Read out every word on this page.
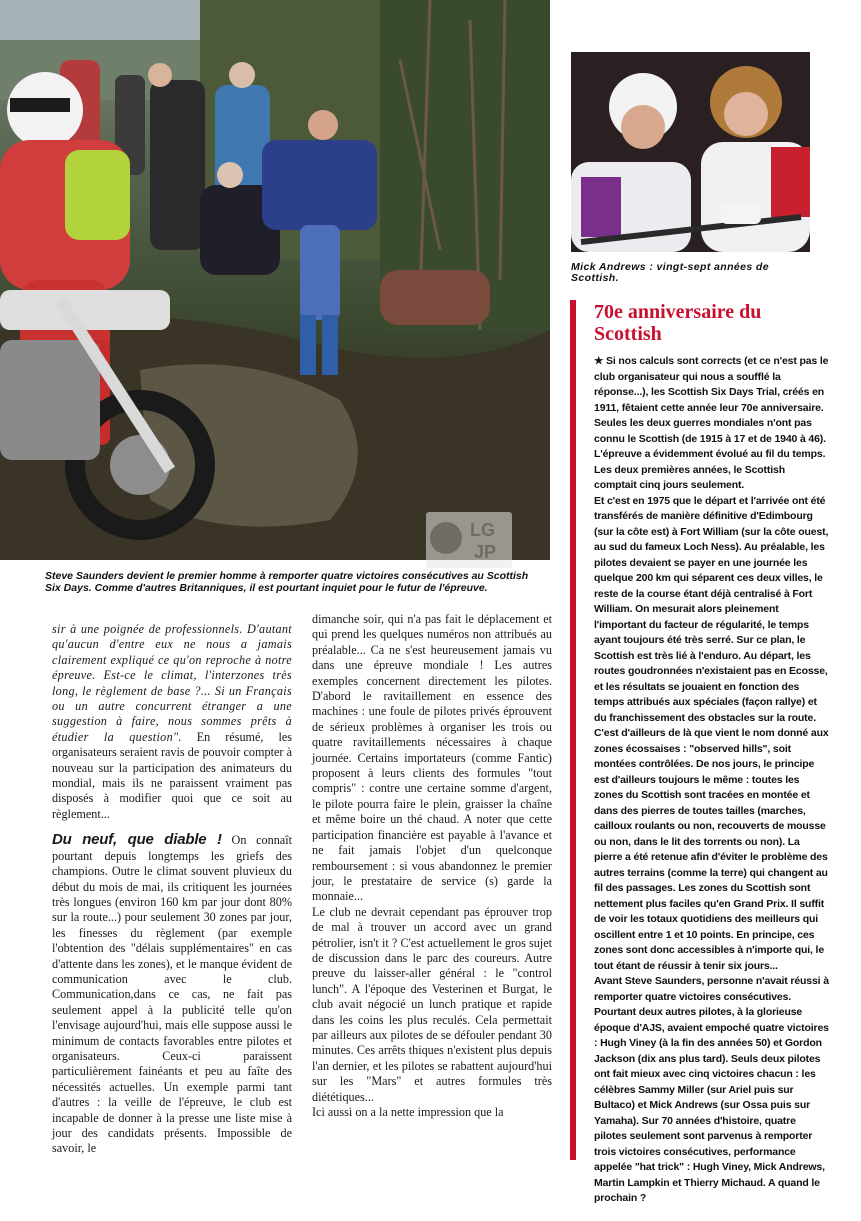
LG
JP

Steve Saunders devient le premier homme à remporter quatre victoires consécutives au Scottish Six Days. Comme d'autres Britanniques, il est pourtant inquiet pour le futur de l'épreuve.

Mick Andrews : vingt-sept années de Scottish.

70e anniversaire du Scottish

★ Si nos calculs sont corrects (et ce n'est pas le club organisateur qui nous a soufflé la réponse...), les Scottish Six Days Trial, créés en 1911, fêtaient cette année leur 70e anniversaire. Seules les deux guerres mondiales n'ont pas connu le Scottish (de 1915 à 17 et de 1940 à 46). L'épreuve a évidemment évolué au fil du temps. Les deux premières années, le Scottish comptait cinq jours seulement.

Et c'est en 1975 que le départ et l'arrivée ont été transférés de manière définitive d'Edimbourg (sur la côte est) à Fort William (sur la côte ouest, au sud du fameux Loch Ness). Au préalable, les pilotes devaient se payer en une journée les quelque 200 km qui séparent ces deux villes, le reste de la course étant déjà centralisé à Fort William. On mesurait alors pleinement l'important du facteur de régularité, le temps ayant toujours été très serré. Sur ce plan, le Scottish est très lié à l'enduro. Au départ, les routes goudronnées n'existaient pas en Ecosse, et les résultats se jouaient en fonction des temps attribués aux spéciales (façon rallye) et du franchissement des obstacles sur la route.

C'est d'ailleurs de là que vient le nom donné aux zones écossaises : "observed hills", soit montées contrôlées. De nos jours, le principe est d'ailleurs toujours le même : toutes les zones du Scottish sont tracées en montée et dans des pierres de toutes tailles (marches, cailloux roulants ou non, recouverts de mousse ou non, dans le lit des torrents ou non). La pierre a été retenue afin d'éviter le problème des autres terrains (comme la terre) qui changent au fil des passages. Les zones du Scottish sont nettement plus faciles qu'en Grand Prix. Il suffit de voir les totaux quotidiens des meilleurs qui oscillent entre 1 et 10 points. En principe, ces zones sont donc accessibles à n'importe qui, le tout étant de réussir à tenir six jours...

Avant Steve Saunders, personne n'avait réussi à remporter quatre victoires consécutives. Pourtant deux autres pilotes, à la glorieuse époque d'AJS, avaient empoché quatre victoires : Hugh Viney (à la fin des années 50) et Gordon Jackson (dix ans plus tard). Seuls deux pilotes ont fait mieux avec cinq victoires chacun : les célèbres Sammy Miller (sur Ariel puis sur Bultaco) et Mick Andrews (sur Ossa puis sur Yamaha). Sur 70 années d'histoire, quatre pilotes seulement sont parvenus à remporter trois victoires consécutives, performance appelée "hat trick" : Hugh Viney, Mick Andrews, Martin Lampkin et Thierry Michaud. A quand le prochain ?

sir à une poignée de professionnels. D'autant qu'aucun d'entre eux ne nous a jamais clairement expliqué ce qu'on reproche à notre épreuve. Est-ce le climat, l'interzones très long, le règlement de base ?... Si un Français ou un autre concurrent étranger a une suggestion à faire, nous sommes prêts à étudier la question". En résumé, les organisateurs seraient ravis de pouvoir compter à nouveau sur la participation des animateurs du mondial, mais ils ne paraissent vraiment pas disposés à modifier quoi que ce soit au règlement...

Du neuf, que diable ! On connaît pourtant depuis longtemps les griefs des champions. Outre le climat souvent pluvieux du début du mois de mai, ils critiquent les journées très longues (environ 160 km par jour dont 80% sur la route...) pour seulement 30 zones par jour, les finesses du règlement (par exemple l'obtention des "délais supplémentaires" en cas d'attente dans les zones), et le manque évident de communication avec le club. Communication,dans ce cas, ne fait pas seulement appel à la publicité telle qu'on l'envisage aujourd'hui, mais elle suppose aussi le minimum de contacts favorables entre pilotes et organisateurs. Ceux-ci paraissent particulièrement fainéants et peu au faîte des nécessités actuelles. Un exemple parmi tant d'autres : la veille de l'épreuve, le club est incapable de donner à la presse une liste mise à jour des candidats présents. Impossible de savoir, le

dimanche soir, qui n'a pas fait le déplacement et qui prend les quelques numéros non attribués au préalable... Ca ne s'est heureusement jamais vu dans une épreuve mondiale ! Les autres exemples concernent directement les pilotes. D'abord le ravitaillement en essence des machines : une foule de pilotes privés éprouvent de sérieux problèmes à organiser les trois ou quatre ravitaillements nécessaires à chaque journée. Certains importateurs (comme Fantic) proposent à leurs clients des formules "tout compris" : contre une certaine somme d'argent, le pilote pourra faire le plein, graisser la chaîne et même boire un thé chaud. A noter que cette participation financière est payable à l'avance et ne fait jamais l'objet d'un quelconque remboursement : si vous abandonnez le premier jour, le prestataire de service (s) garde la monnaie...

Le club ne devrait cependant pas éprouver trop de mal à trouver un accord avec un grand pétrolier, isn't it ? C'est actuellement le gros sujet de discussion dans le parc des coureurs. Autre preuve du laisser-aller général : le "control lunch". A l'époque des Vesterinen et Burgat, le club avait négocié un lunch pratique et rapide dans les coins les plus reculés. Cela permettait par ailleurs aux pilotes de se défouler pendant 30 minutes. Ces arrêts thiques n'existent plus depuis l'an dernier, et les pilotes se rabattent aujourd'hui sur les "Mars" et autres formules très diététiques...

Ici aussi on a la nette impression que la
